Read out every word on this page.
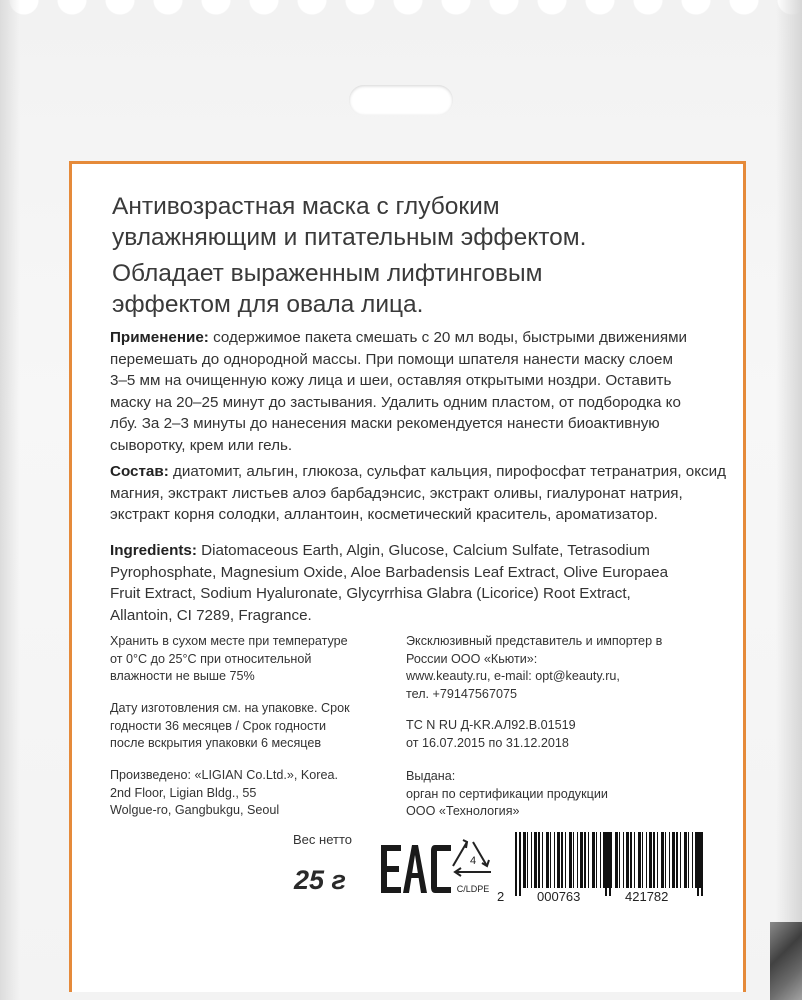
Антивозрастная маска с глубоким
увлажняющим и питательным эффектом.
Обладает выраженным лифтинговым
эффектом для овала лица.
Применение: содержимое пакета смешать с 20 мл воды, быстрыми движениями
перемешать до однородной массы. При помощи шпателя нанести маску слоем
3–5 мм на очищенную кожу лица и шеи, оставляя открытыми ноздри. Оставить
маску на 20–25 минут до застывания. Удалить одним пластом, от подбородка ко
лбу. За 2–3 минуты до нанесения маски рекомендуется нанести биоактивную
сыворотку, крем или гель.
Состав: диатомит, альгин, глюкоза, сульфат кальция, пирофосфат тетранатрия, оксид
магния, экстракт листьев алоэ барбадэнсис, экстракт оливы, гиалуронат натрия,
экстракт корня солодки, аллантоин, косметический краситель, ароматизатор.
Ingredients: Diatomaceous Earth, Algin, Glucose, Calcium Sulfate, Tetrasodium
Pyrophosphate, Magnesium Oxide, Aloe Barbadensis Leaf Extract, Olive Europaea
Fruit Extract, Sodium Hyaluronate, Glycyrrhisa Glabra (Licorice) Root Extract,
Allantoin, CI 7289, Fragrance.
Хранить в сухом месте при температуре
от 0°С до 25°С при относительной
влажности не выше 75%
Дату изготовления см. на упаковке. Срок
годности 36 месяцев / Срок годности
после вскрытия упаковки 6 месяцев
Произведено: «LIGIAN Co.Ltd.», Korea.
2nd Floor, Ligian Bldg., 55
Wolgue-ro, Gangbukgu, Seoul
Эксклюзивный представитель и импортер в
России ООО «Кьюти»:
www.keauty.ru, e-mail: opt@keauty.ru,
тел. +79147567075
ТС N RU Д-KR.АЛ92.В.01519
от 16.07.2015 по 31.12.2018
Выдана:
орган по сертификации продукции
ООО «Технология»
Вес нетто
25 г
4
C/LDPE 2	000763	421782
